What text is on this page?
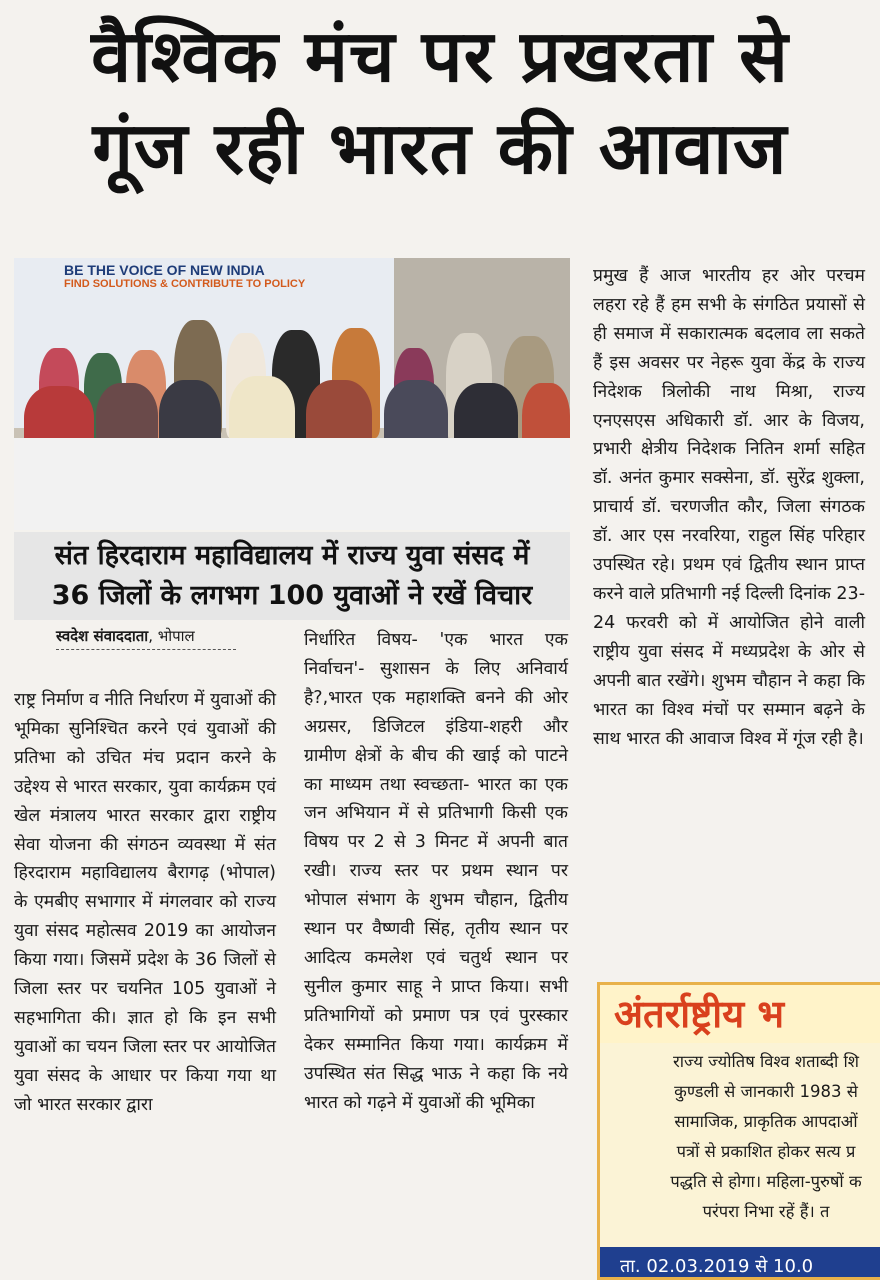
वैश्विक मंच पर प्रखरता से
गूंज रही भारत की आवाज
BE THE VOICE OF NEW INDIA
FIND SOLUTIONS & CONTRIBUTE TO POLICY
संत हिरदाराम महाविद्यालय में राज्य युवा संसद में
36 जिलों के लगभग 100 युवाओं ने रखें विचार
स्वदेश संवाददाता, भोपाल

राष्ट्र निर्माण व नीति निर्धारण में युवाओं की भूमिका सुनिश्चित करने एवं युवाओं की प्रतिभा को उचित मंच प्रदान करने के उद्देश्य से भारत सरकार, युवा कार्यक्रम एवं खेल मंत्रालय भारत सरकार द्वारा राष्ट्रीय सेवा योजना की संगठन व्यवस्था में संत हिरदाराम महाविद्यालय बैरागढ़ (भोपाल) के एमबीए सभागार में मंगलवार को राज्य युवा संसद महोत्सव 2019 का आयोजन किया गया। जिसमें प्रदेश के 36 जिलों से जिला स्तर पर चयनित 105 युवाओं ने सहभागिता की। ज्ञात हो कि इन सभी युवाओं का चयन जिला स्तर पर आयोजित युवा संसद के आधार पर किया गया था जो भारत सरकार द्वारा

निर्धारित विषय- 'एक भारत एक निर्वाचन'- सुशासन के लिए अनिवार्य है?,भारत एक महाशक्ति बनने की ओर अग्रसर, डिजिटल इंडिया-शहरी और ग्रामीण क्षेत्रों के बीच की खाई को पाटने का माध्यम तथा स्वच्छता- भारत का एक जन अभियान में से प्रतिभागी किसी एक विषय पर 2 से 3 मिनट में अपनी बात रखी। राज्य स्तर पर प्रथम स्थान पर भोपाल संभाग के शुभम चौहान, द्वितीय स्थान पर वैष्णवी सिंह, तृतीय स्थान पर आदित्य कमलेश एवं चतुर्थ स्थान पर सुनील कुमार साहू ने प्राप्त किया। सभी प्रतिभागियों को प्रमाण पत्र एवं पुरस्कार देकर सम्मानित किया गया। कार्यक्रम में उपस्थित संत सिद्ध भाऊ ने कहा कि नये भारत को गढ़ने में युवाओं की भूमिका

प्रमुख हैं आज भारतीय हर ओर परचम लहरा रहे हैं हम सभी के संगठित प्रयासों से ही समाज में सकारात्मक बदलाव ला सकते हैं इस अवसर पर नेहरू युवा केंद्र के राज्य निदेशक त्रिलोकी नाथ मिश्रा, राज्य एनएसएस अधिकारी डॉ. आर के विजय, प्रभारी क्षेत्रीय निदेशक नितिन शर्मा सहित डॉ. अनंत कुमार सक्सेना, डॉ. सुरेंद्र शुक्ला, प्राचार्य डॉ. चरणजीत कौर, जिला संगठक डॉ. आर एस नरवरिया, राहुल सिंह परिहार उपस्थित रहे। प्रथम एवं द्वितीय स्थान प्राप्त करने वाले प्रतिभागी नई दिल्ली दिनांक 23-24 फरवरी को में आयोजित होने वाली राष्ट्रीय युवा संसद में मध्यप्रदेश के ओर से अपनी बात रखेंगे। शुभम चौहान ने कहा कि भारत का विश्व मंचों पर सम्मान बढ़ने के साथ भारत की आवाज विश्व में गूंज रही है।

अंतर्राष्ट्रीय भ
राज्य ज्योतिष विश्व शताब्दी शि
कुण्डली से जानकारी 1983 से
सामाजिक, प्राकृतिक आपदाओं
पत्रों से प्रकाशित होकर सत्य प्र
पद्धति से होगा। महिला-पुरुषों क
परंपरा निभा रहें हैं। त
ता. 02.03.2019 से 10.0
